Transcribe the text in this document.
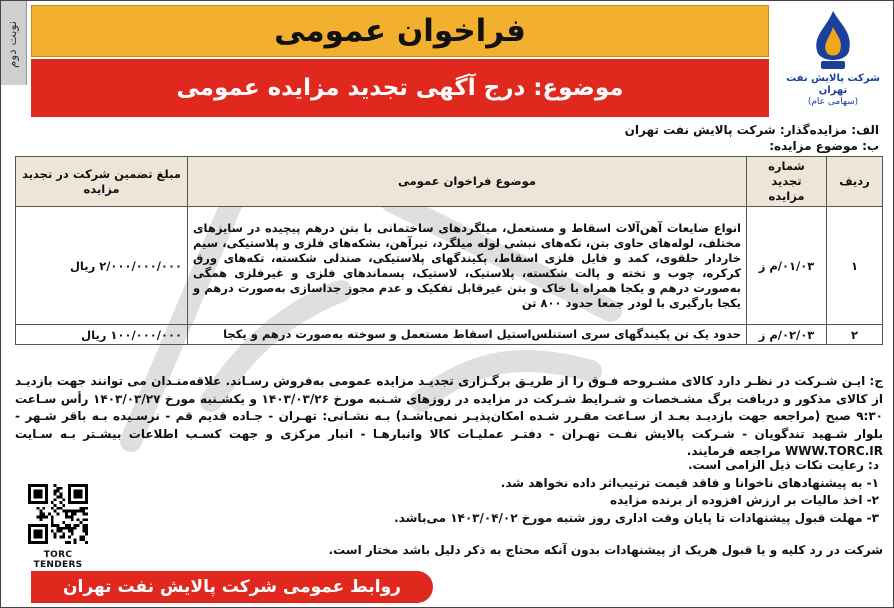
نوبت دوم	فراخوان عمومی
موضوع: درج آگهی تجدید مزایده عمومی	شرکت پالایش نفت تهران
(سهامی عام)
الف: مزایده‌گذار: شرکت پالایش نفت تهران
ب: موضوع مزایده:
ردیف	شماره تجدید مزایده	موضوع فراخوان عمومی	مبلغ تضمین شرکت در تجدید مزایده
۱	۰۱/۰۳/م ز	انواع ضایعات آهن‌آلات اسقاط و مستعمل، میلگردهای ساختمانی با بتن درهم پیچیده در سایزهای مختلف، لوله‌های حاوی بتن، تکه‌های نبشی لوله میلگرد، تیرآهن، بشکه‌های فلزی و پلاستیکی، سیم خاردار حلقوی، کمد و فایل فلزی اسقاط، پکیندگهای پلاستیکی، صندلی شکسته، تکه‌های ورق کرکره، چوب و تخته و پالت شکسته، پلاستیک، لاستیک، پسماندهای فلزی و غیرفلزی همگی به‌صورت درهم و یکجا همراه با خاک و بتن غیرقابل تفکیک و عدم مجوز جداسازی به‌صورت درهم و یکجا بارگیری با لودر جمعا حدود ۸۰۰ تن	۲/۰۰۰/۰۰۰/۰۰۰ ریال
۲	۰۲/۰۳/م ز	حدود یک تن پکیندگهای سری استنلس‌استیل اسقاط مستعمل و سوخته به‌صورت درهم و یکجا	۱۰۰/۰۰۰/۰۰۰ ریال
ج: ایـن شـرکت در نظـر دارد کالای مشـروحه فـوق را از طریـق برگـزاری تجدیـد مزایده عمومی به‌فروش رسـاند. علاقه‌منـدان می توانند جهت بازدیـد از کالای مذکور و دریافت برگ مشـخصات و شـرایط شـرکت در مزایده در روزهای شـنبه مورخ ۱۴۰۳/۰۳/۲۶ و یکشـنبه مورخ ۱۴۰۳/۰۳/۲۷ رأس سـاعت ۹:۳۰ صبح (مراجعه جهت بازدیـد بعـد از سـاعت مقـرر شـده امکان‌پذیـر نمی‌باشـد) بـه نشـانی: تهـران - جـاده قدیم قم - نرسـیده بـه باقر شـهر - بلوار شـهید تندگویان - شـرکت پالایش نفـت تهـران - دفتـر عملیـات کالا وانبارهـا - انبار مرکزی و جهت کسـب اطلاعات بیشـتر بـه سـایت WWW.TORC.IR مراجعه فرمایند.
د: رعایت نکات ذیل الزامی است.
۱- به پیشنهادهای ناخوانا و فاقد قیمت ترتیب‌اثر داده نخواهد شد.
۲- اخذ مالیات بر ارزش افزوده از برنده مزایده
۳- مهلت قبول پیشنهادات تا پایان وقت اداری روز شنبه مورخ ۱۴۰۳/۰۴/۰۲ می‌باشد.
شرکت در رد کلیه و یا قبول هریک از پیشنهادات بدون آنکه محتاج به ذکر دلیل باشد مختار است.
TORC TENDERS
روابط عمومی شرکت پالایش نفت تهران
